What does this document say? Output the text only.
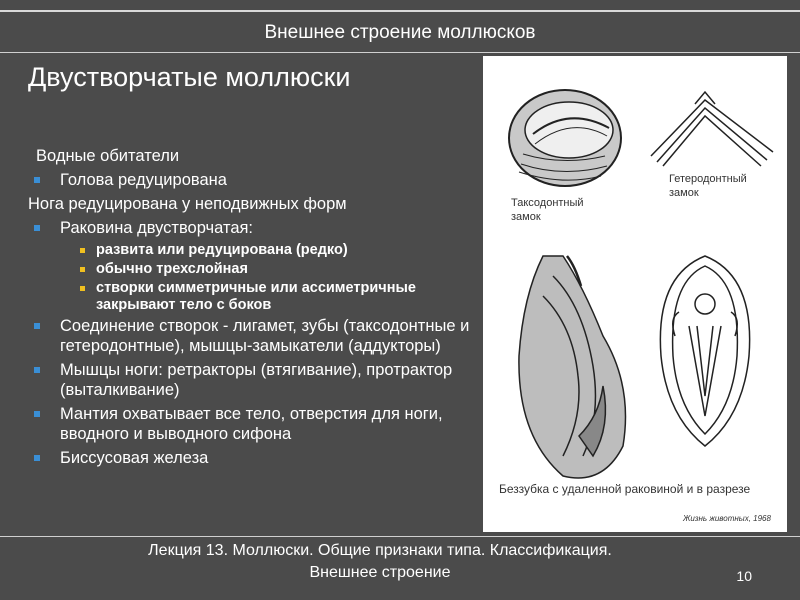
Внешнее строение моллюсков
Двустворчатые моллюски
Водные обитатели
Голова редуцирована
Нога редуцирована у неподвижных форм
Раковина двустворчатая:
развита или редуцирована (редко)
обычно трехслойная
створки симметричные или ассиметричные закрывают тело с боков
Соединение створок - лигамет, зубы (таксодонтные и гетеродонтные), мышцы-замыкатели (аддукторы)
Мышцы ноги: ретракторы (втягивание), протрактор (выталкивание)
Мантия охватывает все тело, отверстия для ноги, вводного и выводного сифона
Биссусовая железа
Таксодонтный замок
Гетеродонтный замок
Беззубка с удаленной раковиной и в разрезе
Жизнь животных, 1968
Лекция 13. Моллюски. Общие признаки типа. Классификация.
Внешнее строение	10
